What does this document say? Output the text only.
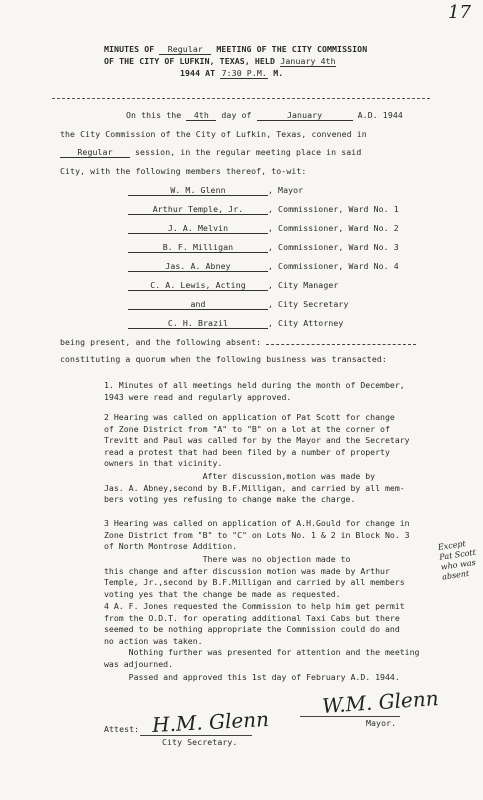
17
MINUTES OF Regular MEETING OF THE CITY COMMISSION
OF THE CITY OF LUFKIN, TEXAS, HELD January 4th
1944 AT 7:30 P.M. M.
On this the 4th day of	January	A.D. 1944
the City Commission of the City of Lufkin, Texas, convened in
Regular	session, in the regular meeting place in said
City, with the following members thereof, to-wit:
W. M. Glenn	, Mayor
Arthur Temple, Jr.	, Commissioner, Ward No. 1
J. A. Melvin	, Commissioner, Ward No. 2
B. F. Milligan	, Commissioner, Ward No. 3
Jas. A. Abney	, Commissioner, Ward No. 4
C. A. Lewis, Acting	, City Manager
and	, City Secretary
C. H. Brazil	, City Attorney
being present, and the following absent:
constituting a quorum when the following business was transacted:
1. Minutes of all meetings held during the month of December,
1943 were read and regularly approved.
2 Hearing was called on application of Pat Scott for change
of Zone District from "A" to "B" on a lot at the corner of
Trevitt and Paul was called for by the Mayor and the Secretary
read a protest that had been filed by a number of property
owners in that vicinity.
After discussion,motion was made by
Jas. A. Abney,second by B.F.Milligan, and carried by all mem-
bers voting yes refusing to change make the charge.
3 Hearing was called on application of A.H.Gould for change in
Zone District from "B" to "C" on Lots No. 1 & 2 in Block No. 3
of North Montrose Addition.
There was no objection made to
this change and after discussion motion was made by Arthur
Temple, Jr.,second by B.F.Milligan and carried by all members
voting yes that the change be made as requested.
4 A. F. Jones requested the Commission to help him get permit
from the O.D.T. for operating additional Taxi Cabs but there
seemed to be nothing appropriate the Commission could do and
no action was taken.
Nothing further was presented for attention and the meeting
was adjourned.
Passed and approved this 1st day of February A.D. 1944.
Except Pat Scott who was absent
W.M. Glenn
Mayor.
Attest: H.M. Glenn
City Secretary.
